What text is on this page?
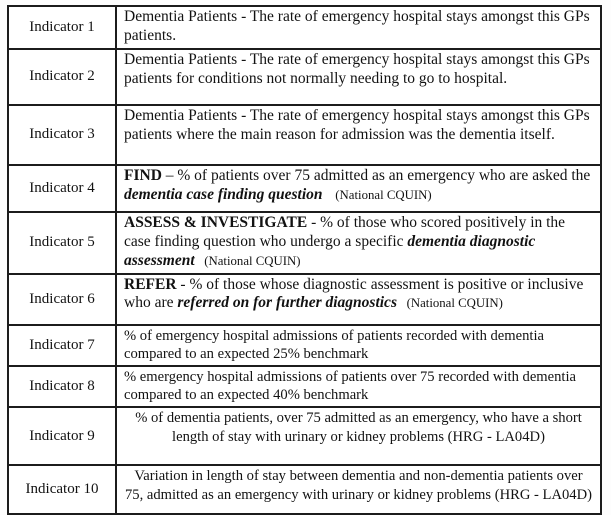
Indicator 1	Dementia Patients - The rate of emergency hospital stays amongst this GPs patients.
Indicator 2	Dementia Patients - The rate of emergency hospital stays amongst this GPs patients for conditions not normally needing to go to hospital.
Indicator 3	Dementia Patients - The rate of emergency hospital stays amongst this GPs patients where the main reason for admission was the dementia itself.
Indicator 4	FIND – % of patients over 75 admitted as an emergency who are asked the dementia case finding question    (National CQUIN)
Indicator 5	ASSESS & INVESTIGATE - % of those who scored positively in the case finding question who undergo a specific dementia diagnostic assessment   (National CQUIN)
Indicator 6	REFER - % of those whose diagnostic assessment is positive or inclusive who are referred on for further diagnostics   (National CQUIN)
Indicator 7	% of emergency hospital admissions of patients recorded with dementia compared to an expected 25% benchmark
Indicator 8	% emergency hospital admissions of patients over 75 recorded with dementia compared to an expected 40% benchmark
Indicator 9	% of dementia patients, over 75 admitted as an emergency, who have a short length of stay with urinary or kidney problems (HRG - LA04D)
Indicator 10	Variation in length of stay between dementia and non-dementia patients over 75, admitted as an emergency with urinary or kidney problems (HRG - LA04D)
